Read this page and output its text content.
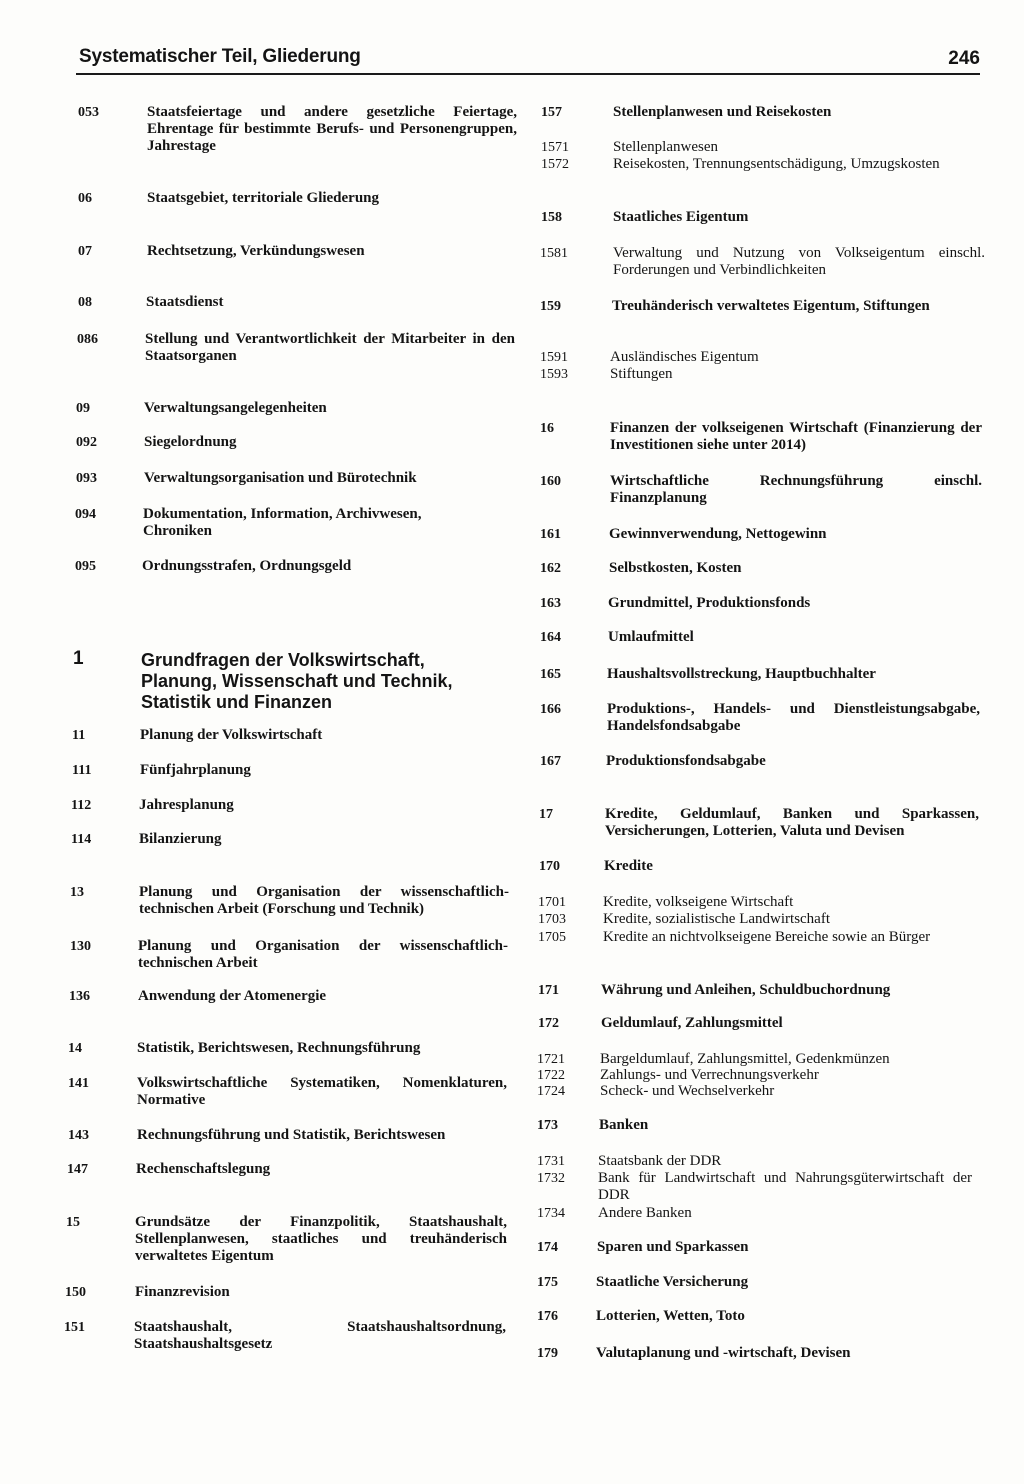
Systematischer Teil, Gliederung	246
053	Staatsfeiertage und andere gesetzliche Feiertage, Ehrentage für bestimmte Berufs- und Personengruppen, Jahrestage
06	Staatsgebiet, territoriale Gliederung
07	Rechtsetzung, Verkündungswesen
08	Staatsdienst
086	Stellung und Verantwortlichkeit der Mitarbeiter in den Staatsorganen
09	Verwaltungsangelegenheiten
092	Siegelordnung
093	Verwaltungsorganisation und Bürotechnik
094	Dokumentation, Information, Archivwesen, Chroniken
095	Ordnungsstrafen, Ordnungsgeld
1	Grundfragen der Volkswirtschaft, Planung, Wissenschaft und Technik, Statistik und Finanzen
11	Planung der Volkswirtschaft
111	Fünfjahrplanung
112	Jahresplanung
114	Bilanzierung
13	Planung und Organisation der wissenschaftlich-technischen Arbeit (Forschung und Technik)
130	Planung und Organisation der wissenschaftlich-technischen Arbeit
136	Anwendung der Atomenergie
14	Statistik, Berichtswesen, Rechnungsführung
141	Volkswirtschaftliche Systematiken, Nomenklaturen, Normative
143	Rechnungsführung und Statistik, Berichtswesen
147	Rechenschaftslegung
15	Grundsätze der Finanzpolitik, Staatshaushalt, Stellenplanwesen, staatliches und treuhänderisch verwaltetes Eigentum
150	Finanzrevision
151	Staatshaushalt, Staatshaushaltsordnung, Staatshaushaltsgesetz
157	Stellenplanwesen und Reisekosten
1571	Stellenplanwesen
1572	Reisekosten, Trennungsentschädigung, Umzugskosten
158	Staatliches Eigentum
1581	Verwaltung und Nutzung von Volkseigentum einschl. Forderungen und Verbindlichkeiten
159	Treuhänderisch verwaltetes Eigentum, Stiftungen
1591	Ausländisches Eigentum
1593	Stiftungen
16	Finanzen der volkseigenen Wirtschaft (Finanzierung der Investitionen siehe unter 2014)
160	Wirtschaftliche Rechnungsführung einschl. Finanzplanung
161	Gewinnverwendung, Nettogewinn
162	Selbstkosten, Kosten
163	Grundmittel, Produktionsfonds
164	Umlaufmittel
165	Haushaltsvollstreckung, Hauptbuchhalter
166	Produktions-, Handels- und Dienstleistungsabgabe, Handelsfondsabgabe
167	Produktionsfondsabgabe
17	Kredite, Geldumlauf, Banken und Sparkassen, Versicherungen, Lotterien, Valuta und Devisen
170	Kredite
1701 Kredite, volkseigene Wirtschaft
1703 Kredite, sozialistische Landwirtschaft
1705 Kredite an nichtvolkseigene Bereiche sowie an Bürger
171	Währung und Anleihen, Schuldbuchordnung
172	Geldumlauf, Zahlungsmittel
1721 Bargeldumlauf, Zahlungsmittel, Gedenkmünzen
1722 Zahlungs- und Verrechnungsverkehr
1724 Scheck- und Wechselverkehr
173	Banken
1731 Staatsbank der DDR
1732 Bank für Landwirtschaft und Nahrungsgüterwirtschaft der DDR
1734 Andere Banken
174	Sparen und Sparkassen
175	Staatliche Versicherung
176	Lotterien, Wetten, Toto
179	Valutaplanung und -wirtschaft, Devisen
